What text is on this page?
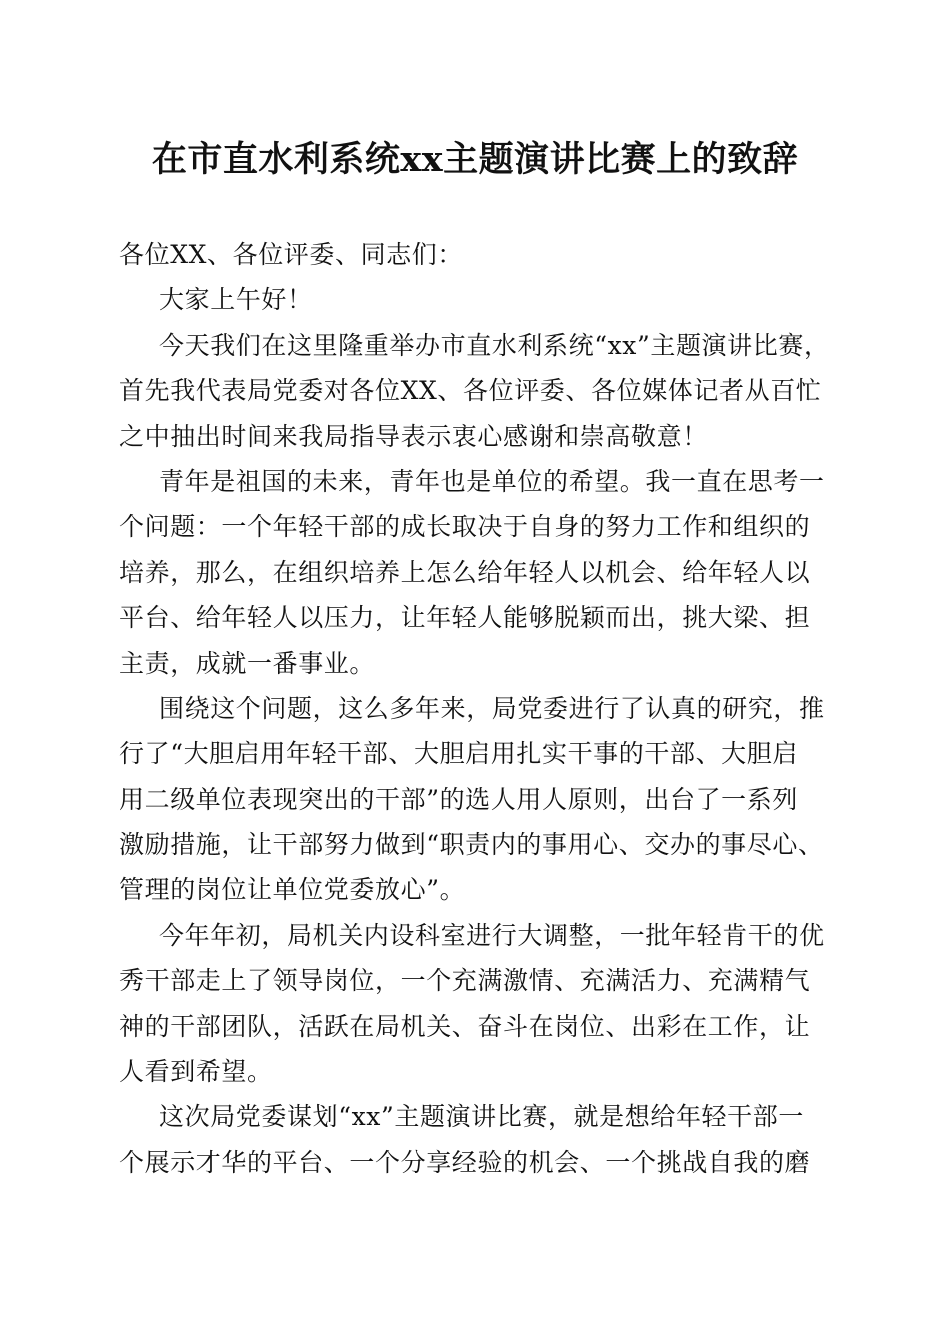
在市直水利系统xx主题演讲比赛上的致辞
各位XX、各位评委、同志们：
大家上午好！
今天我们在这里隆重举办市直水利系统“xx”主题演讲比赛，
首先我代表局党委对各位XX、各位评委、各位媒体记者从百忙
之中抽出时间来我局指导表示衷心感谢和崇高敬意！
青年是祖国的未来，青年也是单位的希望。我一直在思考一
个问题：一个年轻干部的成长取决于自身的努力工作和组织的
培养，那么，在组织培养上怎么给年轻人以机会、给年轻人以
平台、给年轻人以压力，让年轻人能够脱颖而出，挑大梁、担
主责，成就一番事业。
围绕这个问题，这么多年来，局党委进行了认真的研究，推
行了“大胆启用年轻干部、大胆启用扎实干事的干部、大胆启
用二级单位表现突出的干部”的选人用人原则，出台了一系列
激励措施，让干部努力做到“职责内的事用心、交办的事尽心、
管理的岗位让单位党委放心”。
今年年初，局机关内设科室进行大调整，一批年轻肯干的优
秀干部走上了领导岗位，一个充满激情、充满活力、充满精气
神的干部团队，活跃在局机关、奋斗在岗位、出彩在工作，让
人看到希望。
这次局党委谋划“xx”主题演讲比赛，就是想给年轻干部一
个展示才华的平台、一个分享经验的机会、一个挑战自我的磨
